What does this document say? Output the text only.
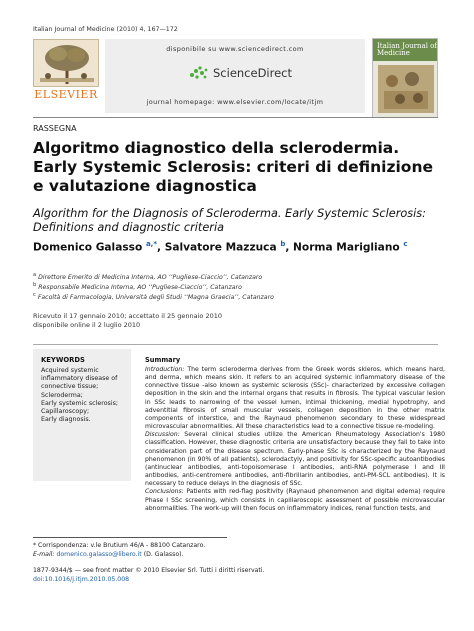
Italian Journal of Medicine (2010) 4, 167—172
ELSEVIER
disponibile su www.sciencedirect.com
ScienceDirect
journal homepage: www.elsevier.com/locate/itjm
Italian Journal of Medicine
RASSEGNA
Algoritmo diagnostico della sclerodermia.
Early Systemic Sclerosis: criteri di definizione
e valutazione diagnostica
Algorithm for the Diagnosis of Scleroderma. Early Systemic Sclerosis:
Definitions and diagnostic criteria
Domenico Galasso $^{a,*}$, Salvatore Mazzuca $^b$, Norma Marigliano $^c$
$^a$ Direttore Emerito di Medicina Interna, AO ‘‘Pugliese-Ciaccio’’, Catanzaro
$^b$ Responsabile Medicina Interna, AO ‘‘Pugliese-Ciaccio’’, Catanzaro
$^c$ Facoltà di Farmacologia, Università degli Studi ‘‘Magna Graecia’’, Catanzaro
Ricevuto il 17 gennaio 2010; accettato il 25 gennaio 2010
disponibile online il 2 luglio 2010
KEYWORDS
Acquired systemic inflammatory disease of connective tissue;
Scleroderma;
Early systemic sclerosis;
Capillaroscopy;
Early diagnosis.
Summary

Introduction: The term scleroderma derives from the Greek words skleros, which means hard, and derma, which means skin. It refers to an acquired systemic inflammatory disease of the connective tissue -also known as systemic sclerosis (SSc)- characterized by excessive collagen deposition in the skin and the internal organs that results in fibrosis. The typical vascular lesion in SSc leads to narrowing of the vessel lumen, intimal thickening, medial hypotrophy, and adventitial fibrosis of small muscular vessels, collagen deposition in the other matrix components of interstice, and the Raynaud phenomenon secondary to these widespread microvascular abnormalities. All these characteristics lead to a connective tissue re-modeling.

Discussion: Several clinical studies utilize the American Rheumatology Association's 1980 classification. However, these diagnostic criteria are unsatisfactory because they fail to take into consideration part of the disease spectrum. Early-phase SSc is characterized by the Raynaud phenomenon (in 90% of all patients), sclerodactyly, and positivity for SSc-specific autoantibodies (antinuclear antibodies, anti-topoisomerase I antibodies, anti-RNA polymerase I and III antibodies, anti-centromere antibodies, anti-fibrillarin antibodies, anti-PM-SCL antibodies). It is necessary to reduce delays in the diagnosis of SSc.

Conclusions: Patients with red-flag positivity (Raynaud phenomenon and digital edema) require Phase I SSc screening, which consists in capillaroscopic assessment of possible microvascular abnormalities. The work-up will then focus on inflammatory indices, renal function tests, and

* Corrispondenza: v.le Brutium 46/A - 88100 Catanzaro.
E-mail: domenico.galasso@libero.it (D. Galasso).
1877-9344/$ — see front matter © 2010 Elsevier Srl. Tutti i diritti riservati.
doi:10.1016/j.itjm.2010.05.008
